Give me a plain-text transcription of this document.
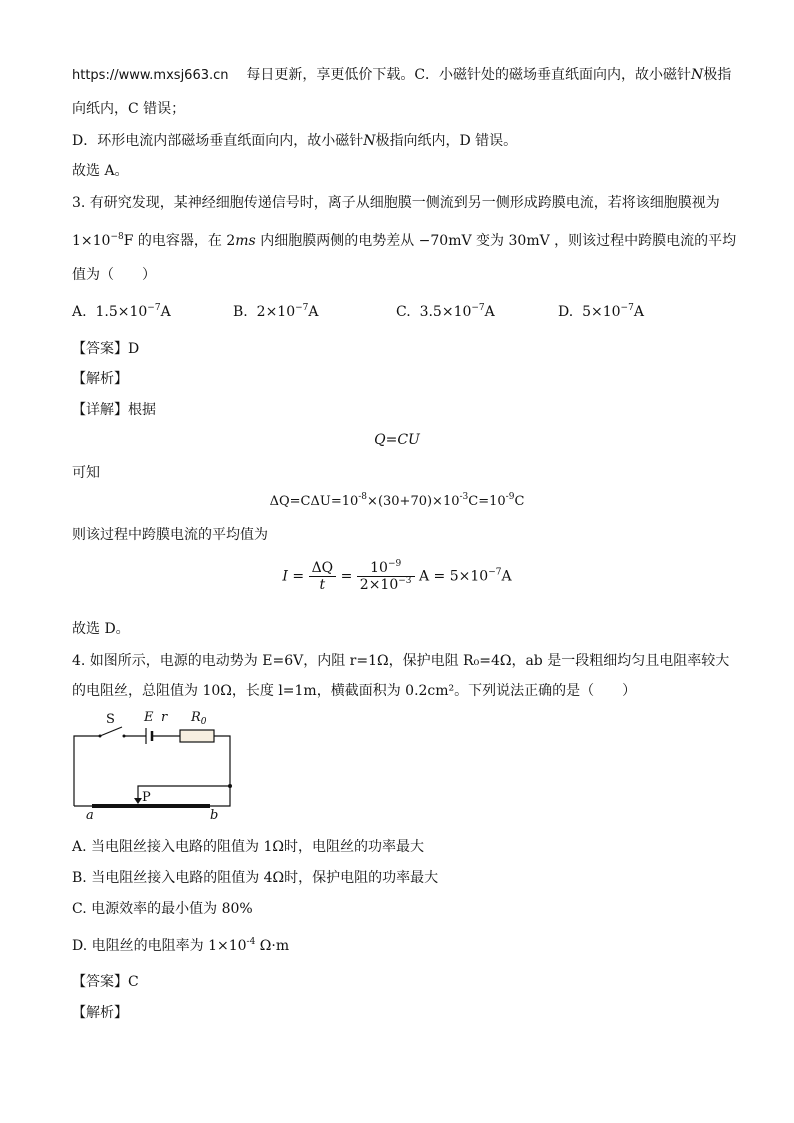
https://www.mxsj663.cn 每日更新，享更低价下载。C．小磁针处的磁场垂直纸面向内，故小磁针N极指
向纸内，C 错误；
D．环形电流内部磁场垂直纸面向内，故小磁针N极指向纸内，D 错误。
故选 A。
3. 有研究发现，某神经细胞传递信号时，离子从细胞膜一侧流到另一侧形成跨膜电流，若将该细胞膜视为
$1\times 10^{-8}F$ 的电容器，在 2ms 内细胞膜两侧的电势差从 −70mV 变为 30mV ，则该过程中跨膜电流的平均
值为（　　）
A. $1.5\times 10^{-7}A$	B. $2\times 10^{-7}A$	C. $3.5\times 10^{-7}A$	D. $5\times 10^{-7}A$
【答案】D
【解析】
【详解】根据
Q=CU
可知
$\Delta Q=C\Delta U=10^{-8}\times(30+70)\times 10^{-3}C=10^{-9}C$
则该过程中跨膜电流的平均值为
$I = \frac{\Delta Q}{t} = \frac{10^{-9}}{2\times 10^{-3}}$ $A = 5\times 10^{-7}A$
故选 D。
4. 如图所示，电源的电动势为 E=6V，内阻 r=1Ω，保护电阻 R₀=4Ω，ab 是一段粗细均匀且电阻率较大
的电阻丝，总阻值为 10Ω，长度 l=1m，横截面积为 0.2cm²。下列说法正确的是（　　）
S E r $R_0$
P
a	b
A. 当电阻丝接入电路的阻值为 1Ω时，电阻丝的功率最大
B. 当电阻丝接入电路的阻值为 4Ω时，保护电阻的功率最大
C. 电源效率的最小值为 80%
D. 电阻丝的电阻率为 $1\times 10^{-4}$ Ω·m
【答案】C
【解析】
